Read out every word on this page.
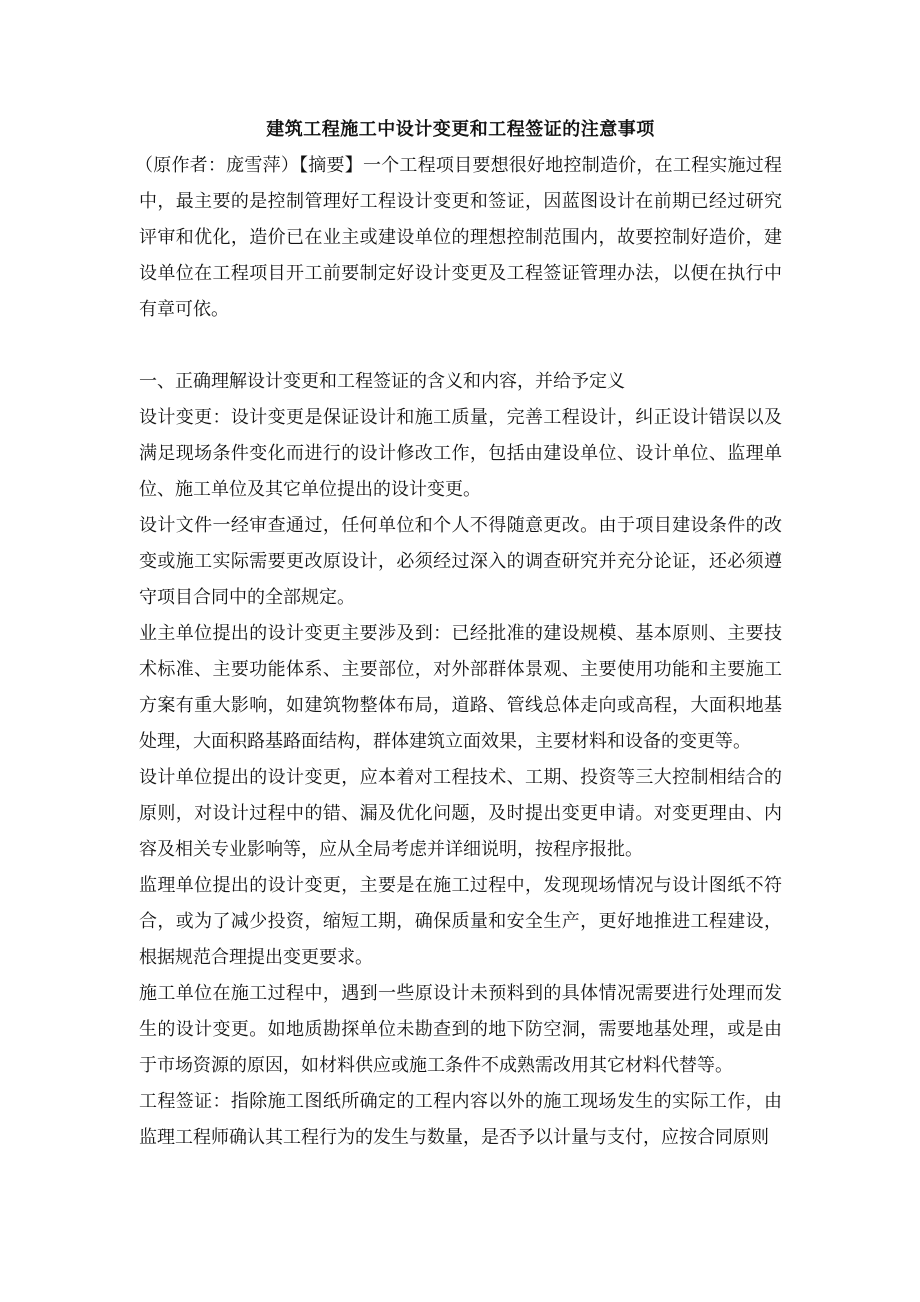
建筑工程施工中设计变更和工程签证的注意事项

（原作者：庞雪萍）【摘要】一个工程项目要想很好地控制造价，在工程实施过程中，最主要的是控制管理好工程设计变更和签证，因蓝图设计在前期已经过研究评审和优化，造价已在业主或建设单位的理想控制范围内，故要控制好造价，建设单位在工程项目开工前要制定好设计变更及工程签证管理办法，以便在执行中有章可依。

一、正确理解设计变更和工程签证的含义和内容，并给予定义

设计变更：设计变更是保证设计和施工质量，完善工程设计，纠正设计错误以及满足现场条件变化而进行的设计修改工作，包括由建设单位、设计单位、监理单位、施工单位及其它单位提出的设计变更。

设计文件一经审查通过，任何单位和个人不得随意更改。由于项目建设条件的改变或施工实际需要更改原设计，必须经过深入的调查研究并充分论证，还必须遵守项目合同中的全部规定。

业主单位提出的设计变更主要涉及到：已经批准的建设规模、基本原则、主要技术标准、主要功能体系、主要部位，对外部群体景观、主要使用功能和主要施工方案有重大影响，如建筑物整体布局，道路、管线总体走向或高程，大面积地基处理，大面积路基路面结构，群体建筑立面效果，主要材料和设备的变更等。

设计单位提出的设计变更，应本着对工程技术、工期、投资等三大控制相结合的原则，对设计过程中的错、漏及优化问题，及时提出变更申请。对变更理由、内容及相关专业影响等，应从全局考虑并详细说明，按程序报批。

监理单位提出的设计变更，主要是在施工过程中，发现现场情况与设计图纸不符合，或为了减少投资，缩短工期，确保质量和安全生产，更好地推进工程建设，根据规范合理提出变更要求。

施工单位在施工过程中，遇到一些原设计未预料到的具体情况需要进行处理而发生的设计变更。如地质勘探单位未勘查到的地下防空洞，需要地基处理，或是由于市场资源的原因，如材料供应或施工条件不成熟需改用其它材料代替等。

工程签证：指除施工图纸所确定的工程内容以外的施工现场发生的实际工作，由监理工程师确认其工程行为的发生与数量，是否予以计量与支付，应按合同原则
